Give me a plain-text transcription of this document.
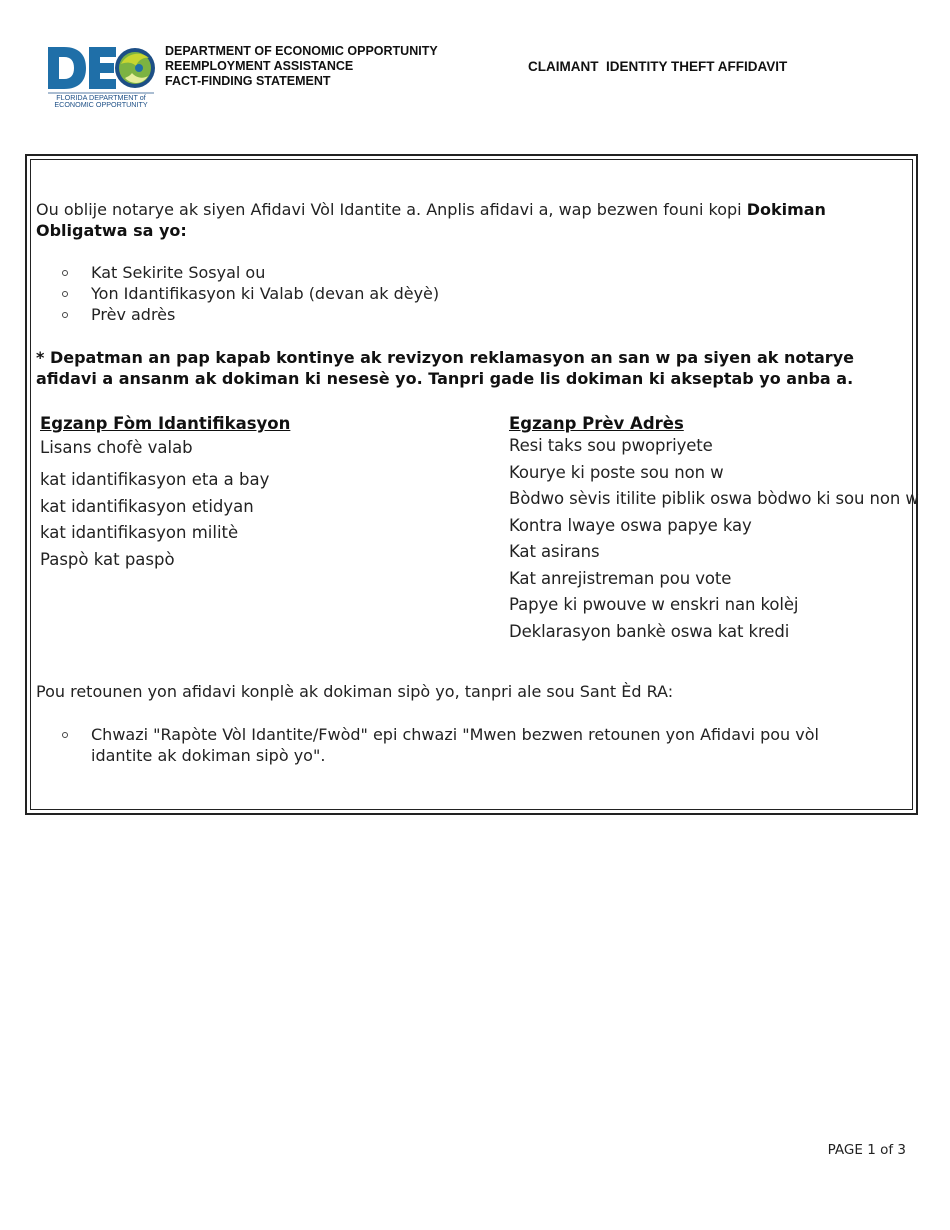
FLORIDA DEPARTMENT of
ECONOMIC OPPORTUNITY
DEPARTMENT OF ECONOMIC OPPORTUNITY
REEMPLOYMENT ASSISTANCE
FACT-FINDING STATEMENT
CLAIMANT  IDENTITY THEFT AFFIDAVIT
Ou oblije notarye ak siyen Afidavi Vòl Idantite a. Anplis afidavi a, wap bezwen founi kopi Dokiman Obligatwa sa yo:
Kat Sekirite Sosyal ou
Yon Idantifikasyon ki Valab (devan ak dèyè)
Prèv adrès
* Depatman an pap kapab kontinye ak revizyon reklamasyon an san w pa siyen ak notarye afidavi a ansanm ak dokiman ki nesesè yo. Tanpri gade lis dokiman ki akseptab yo anba a.
Egzanp Fòm Idantifikasyon
Lisans chofè valab
kat idantifikasyon eta a bay
kat idantifikasyon etidyan
kat idantifikasyon militè
Paspò kat paspò
Egzanp Prèv Adrès
Resi taks sou pwopriyete
Kourye ki poste sou non w
Bòdwo sèvis itilite piblik oswa bòdwo ki sou non w
Kontra lwaye oswa papye kay
Kat asirans
Kat anrejistreman pou vote
Papye ki pwouve w enskri nan kolèj
Deklarasyon bankè oswa kat kredi
Pou retounen yon afidavi konplè ak dokiman sipò yo, tanpri ale sou Sant Èd RA:
Chwazi "Rapòte Vòl Idantite/Fwòd" epi chwazi "Mwen bezwen retounen yon Afidavi pou vòl idantite ak dokiman sipò yo".
PAGE 1 of 3
